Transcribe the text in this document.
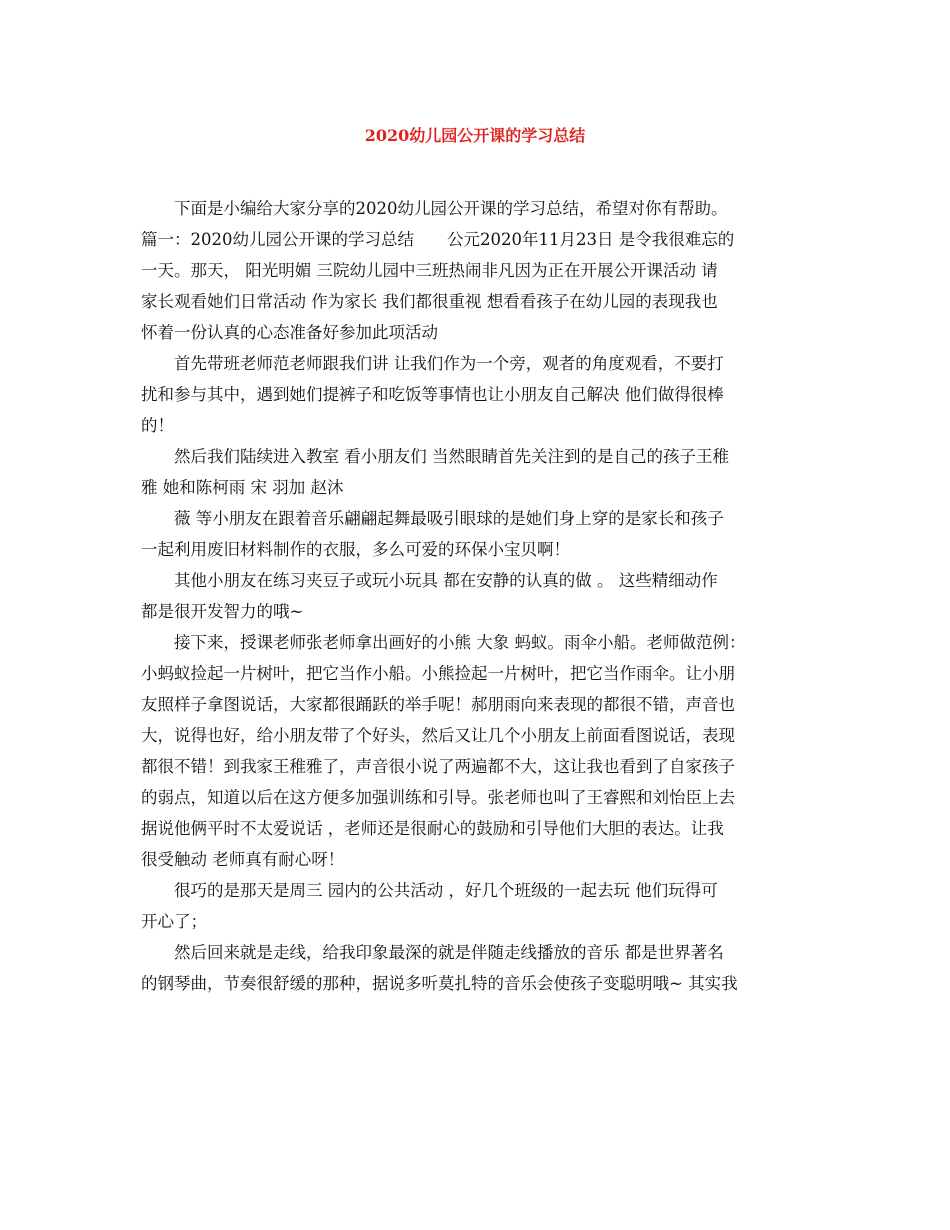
2020幼儿园公开课的学习总结
下面是小编给大家分享的2020幼儿园公开课的学习总结，希望对你有帮助。
篇一：2020幼儿园公开课的学习总结　　公元2020年11月23日 是令我很难忘的
一天。那天， 阳光明媚 三院幼儿园中三班热闹非凡因为正在开展公开课活动 请
家长观看她们日常活动 作为家长 我们都很重视 想看看孩子在幼儿园的表现我也
怀着一份认真的心态准备好参加此项活动
首先带班老师范老师跟我们讲 让我们作为一个旁，观者的角度观看，不要打
扰和参与其中，遇到她们提裤子和吃饭等事情也让小朋友自己解决 他们做得很棒
的！
然后我们陆续进入教室 看小朋友们 当然眼睛首先关注到的是自己的孩子王稚
雅 她和陈柯雨 宋 羽加 赵沐
薇 等小朋友在跟着音乐翩翩起舞最吸引眼球的是她们身上穿的是家长和孩子
一起利用废旧材料制作的衣服，多么可爱的环保小宝贝啊！
其他小朋友在练习夹豆子或玩小玩具 都在安静的认真的做 。 这些精细动作
都是很开发智力的哦~
接下来，授课老师张老师拿出画好的小熊 大象 蚂蚁。雨伞小船。老师做范例：
小蚂蚁捡起一片树叶，把它当作小船。小熊捡起一片树叶，把它当作雨伞。让小朋
友照样子拿图说话，大家都很踊跃的举手呢！郝朋雨向来表现的都很不错，声音也
大，说得也好，给小朋友带了个好头，然后又让几个小朋友上前面看图说话，表现
都很不错！到我家王稚雅了，声音很小说了两遍都不大，这让我也看到了自家孩子
的弱点，知道以后在这方便多加强训练和引导。张老师也叫了王睿熙和刘怡臣上去
据说他俩平时不太爱说话 ，老师还是很耐心的鼓励和引导他们大胆的表达。让我
很受触动 老师真有耐心呀！
很巧的是那天是周三 园内的公共活动 ，好几个班级的一起去玩 他们玩得可
开心了；
然后回来就是走线，给我印象最深的就是伴随走线播放的音乐 都是世界著名
的钢琴曲，节奏很舒缓的那种，据说多听莫扎特的音乐会使孩子变聪明哦~ 其实我
